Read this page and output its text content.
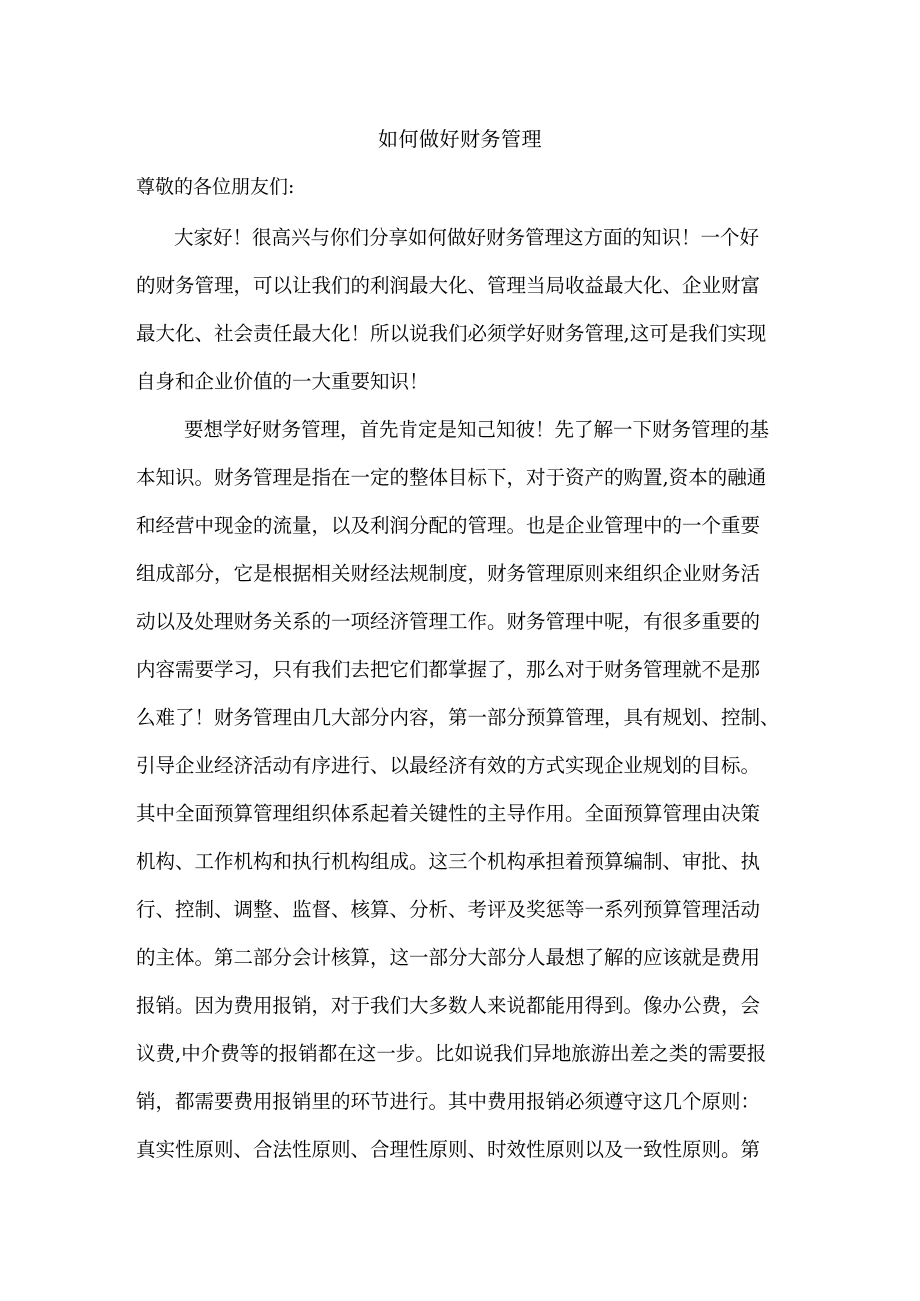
如何做好财务管理

尊敬的各位朋友们:

大家好！很高兴与你们分享如何做好财务管理这方面的知识！一个好
的财务管理，可以让我们的利润最大化、管理当局收益最大化、企业财富
最大化、社会责任最大化！所以说我们必须学好财务管理,这可是我们实现
自身和企业价值的一大重要知识！
要想学好财务管理，首先肯定是知己知彼！先了解一下财务管理的基
本知识。财务管理是指在一定的整体目标下，对于资产的购置,资本的融通
和经营中现金的流量，以及利润分配的管理。也是企业管理中的一个重要
组成部分，它是根据相关财经法规制度，财务管理原则来组织企业财务活
动以及处理财务关系的一项经济管理工作。财务管理中呢，有很多重要的
内容需要学习，只有我们去把它们都掌握了，那么对于财务管理就不是那
么难了！财务管理由几大部分内容，第一部分预算管理，具有规划、控制、
引导企业经济活动有序进行、以最经济有效的方式实现企业规划的目标。
其中全面预算管理组织体系起着关键性的主导作用。全面预算管理由决策
机构、工作机构和执行机构组成。这三个机构承担着预算编制、审批、执
行、控制、调整、监督、核算、分析、考评及奖惩等一系列预算管理活动
的主体。第二部分会计核算，这一部分大部分人最想了解的应该就是费用
报销。因为费用报销，对于我们大多数人来说都能用得到。像办公费，会
议费,中介费等的报销都在这一步。比如说我们异地旅游出差之类的需要报
销，都需要费用报销里的环节进行。其中费用报销必须遵守这几个原则：
真实性原则、合法性原则、合理性原则、时效性原则以及一致性原则。第
